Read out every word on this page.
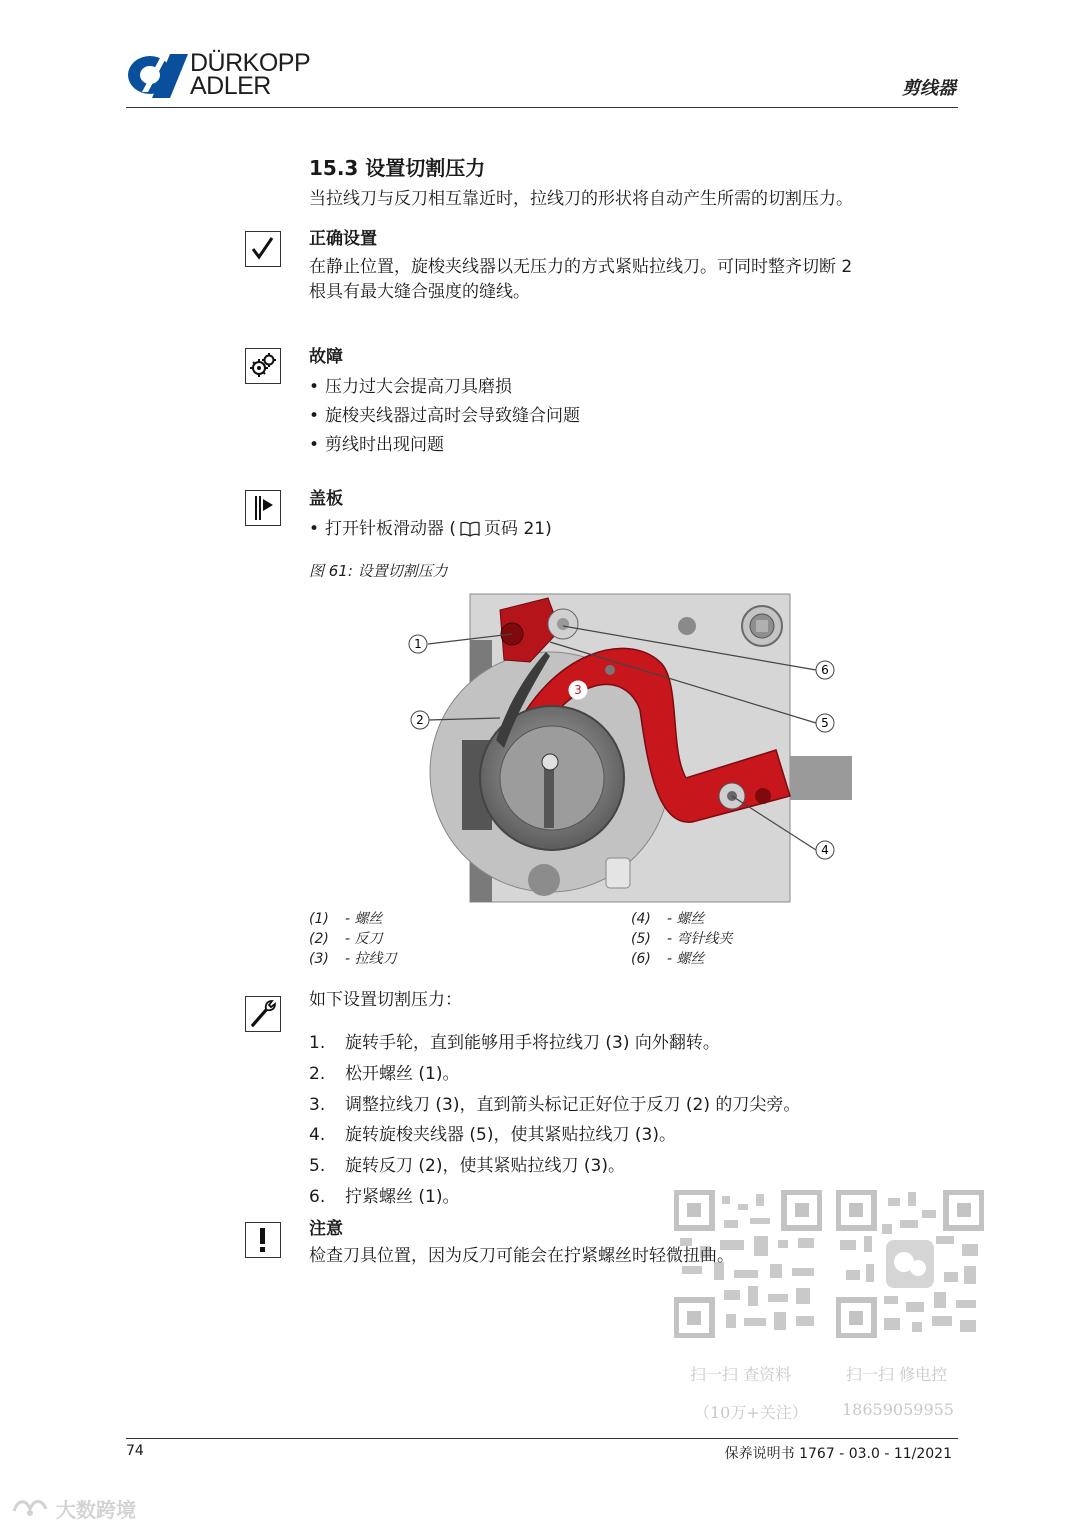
DÜRKOPP
ADLER	剪线器
15.3 设置切割压力
当拉线刀与反刀相互靠近时，拉线刀的形状将自动产生所需的切割压力。
正确设置
在静止位置，旋梭夹线器以无压力的方式紧贴拉线刀。可同时整齐切断 2
根具有最大缝合强度的缝线。
故障
• 压力过大会提高刀具磨损
• 旋梭夹线器过高时会导致缝合问题
• 剪线时出现问题
盖板
• 打开针板滑动器 ( 页码 21)
图 61: 设置切割压力
1
2
3
4
5
6
(1) - 螺丝
(2) - 反刀
(3) - 拉线刀
(4) - 螺丝
(5) - 弯针线夹
(6) - 螺丝
如下设置切割压力：
1. 旋转手轮，直到能够用手将拉线刀 (3) 向外翻转。
2. 松开螺丝 (1)。
3. 调整拉线刀 (3)，直到箭头标记正好位于反刀 (2) 的刀尖旁。
4. 旋转旋梭夹线器 (5)，使其紧贴拉线刀 (3)。
5. 旋转反刀 (2)，使其紧贴拉线刀 (3)。
6. 拧紧螺丝 (1)。
注意
检查刀具位置，因为反刀可能会在拧紧螺丝时轻微扭曲。
扫一扫 查资料
（10万+关注）
扫一扫 修电控
18659059955
74	保养说明书 1767 - 03.0 - 11/2021
大数跨境
